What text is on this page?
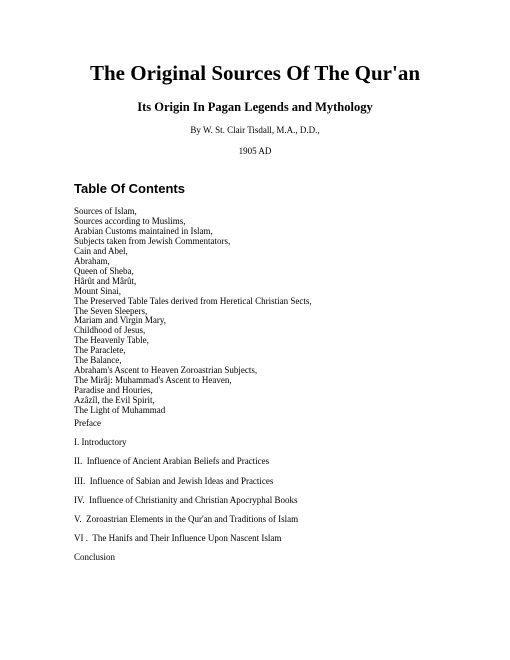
The Original Sources Of The Qur'an
Its Origin In Pagan Legends and Mythology

By W. St. Clair Tisdall, M.A., D.D.,

1905 AD

Table Of Contents
Sources of Islam,
Sources according to Muslims,
Arabian Customs maintained in Islam,
Subjects taken from Jewish Commentators,
Cain and Abel,
Abraham,
Queen of Sheba,
Hârût and Mârût,
Mount Sinai,
The Preserved Table Tales derived from Heretical Christian Sects,
The Seven Sleepers,
Mariam and Virgin Mary,
Childhood of Jesus,
The Heavenly Table,
The Paraclete,
The Balance,
Abraham's Ascent to Heaven Zoroastrian Subjects,
The Mirâj: Muhammad's Ascent to Heaven,
Paradise and Houries,
Azâzîl, the Evil Spirit,
The Light of Muhammad
Preface
I. Introductory
II.  Influence of Ancient Arabian Beliefs and Practices
III.  Influence of Sabian and Jewish Ideas and Practices
IV.  Influence of Christianity and Christian Apocryphal Books
V.  Zoroastrian Elements in the Qur'an and Traditions of Islam
VI .  The Hanifs and Their Influence Upon Nascent Islam
Conclusion
